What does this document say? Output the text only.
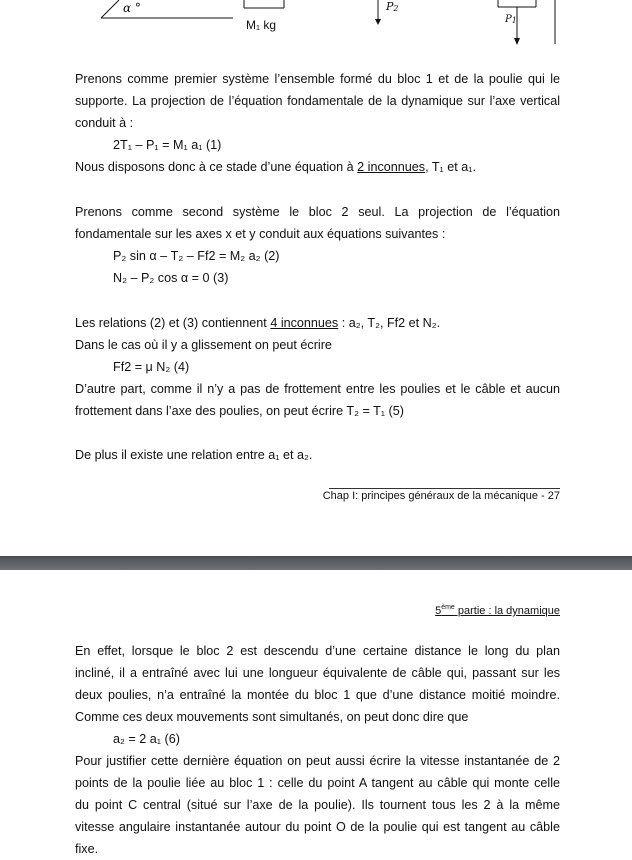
α °
M₁ kg
$P_2$
$P_1$
Prenons comme premier système l’ensemble formé du bloc 1 et de la poulie qui le
supporte. La projection de l’équation fondamentale de la dynamique sur l’axe vertical
conduit à :
2T₁ – P₁ = M₁ a₁ (1)
Nous disposons donc à ce stade d’une équation à 2 inconnues, T₁ et a₁.
Prenons comme second système le bloc 2 seul. La projection de l’équation
fondamentale sur les axes x et y conduit aux équations suivantes :
P₂ sin α – T₂ – Ff2 = M₂ a₂ (2)
N₂ – P₂ cos α = 0 (3)
Les relations (2) et (3) contiennent 4 inconnues : a₂, T₂, Ff2 et N₂.
Dans le cas où il y a glissement on peut écrire
Ff2 = μ N₂ (4)
D’autre part, comme il n’y a pas de frottement entre les poulies et le câble et aucun
frottement dans l’axe des poulies, on peut écrire T₂ = T₁ (5)
De plus il existe une relation entre a₁ et a₂.
Chap I: principes généraux de la mécanique - 27
5ème partie : la dynamique
En effet, lorsque le bloc 2 est descendu d’une certaine distance le long du plan
incliné, il a entraîné avec lui une longueur équivalente de câble qui, passant sur les
deux poulies, n’a entraîné la montée du bloc 1 que d’une distance moitié moindre.
Comme ces deux mouvements sont simultanés, on peut donc dire que
a₂ = 2 a₁ (6)
Pour justifier cette dernière équation on peut aussi écrire la vitesse instantanée de 2
points de la poulie liée au bloc 1 : celle du point A tangent au câble qui monte celle
du point C central (situé sur l’axe de la poulie). Ils tournent tous les 2 à la même
vitesse angulaire instantanée autour du point O de la poulie qui est tangent au câble
fixe.
